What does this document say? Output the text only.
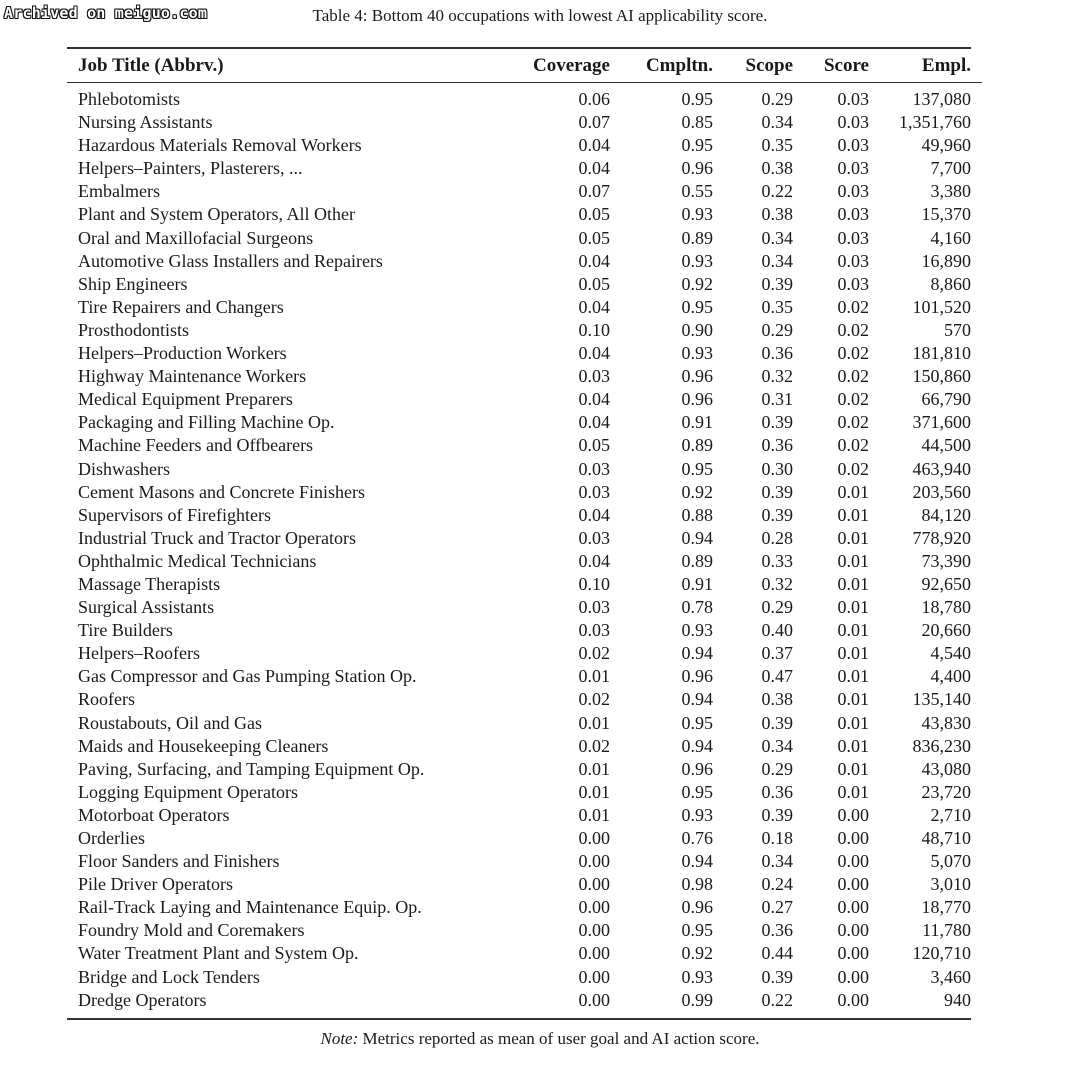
Archived on meiguo.com	Table 4: Bottom 40 occupations with lowest AI applicability score.
Job Title (Abbrv.)	Coverage	Cmpltn.	Scope	Score	Empl.
Phlebotomists	0.06	0.95	0.29	0.03	137,080
Nursing Assistants	0.07	0.85	0.34	0.03	1,351,760
Hazardous Materials Removal Workers	0.04	0.95	0.35	0.03	49,960
Helpers–Painters, Plasterers, ...	0.04	0.96	0.38	0.03	7,700
Embalmers	0.07	0.55	0.22	0.03	3,380
Plant and System Operators, All Other	0.05	0.93	0.38	0.03	15,370
Oral and Maxillofacial Surgeons	0.05	0.89	0.34	0.03	4,160
Automotive Glass Installers and Repairers	0.04	0.93	0.34	0.03	16,890
Ship Engineers	0.05	0.92	0.39	0.03	8,860
Tire Repairers and Changers	0.04	0.95	0.35	0.02	101,520
Prosthodontists	0.10	0.90	0.29	0.02	570
Helpers–Production Workers	0.04	0.93	0.36	0.02	181,810
Highway Maintenance Workers	0.03	0.96	0.32	0.02	150,860
Medical Equipment Preparers	0.04	0.96	0.31	0.02	66,790
Packaging and Filling Machine Op.	0.04	0.91	0.39	0.02	371,600
Machine Feeders and Offbearers	0.05	0.89	0.36	0.02	44,500
Dishwashers	0.03	0.95	0.30	0.02	463,940
Cement Masons and Concrete Finishers	0.03	0.92	0.39	0.01	203,560
Supervisors of Firefighters	0.04	0.88	0.39	0.01	84,120
Industrial Truck and Tractor Operators	0.03	0.94	0.28	0.01	778,920
Ophthalmic Medical Technicians	0.04	0.89	0.33	0.01	73,390
Massage Therapists	0.10	0.91	0.32	0.01	92,650
Surgical Assistants	0.03	0.78	0.29	0.01	18,780
Tire Builders	0.03	0.93	0.40	0.01	20,660
Helpers–Roofers	0.02	0.94	0.37	0.01	4,540
Gas Compressor and Gas Pumping Station Op.	0.01	0.96	0.47	0.01	4,400
Roofers	0.02	0.94	0.38	0.01	135,140
Roustabouts, Oil and Gas	0.01	0.95	0.39	0.01	43,830
Maids and Housekeeping Cleaners	0.02	0.94	0.34	0.01	836,230
Paving, Surfacing, and Tamping Equipment Op.	0.01	0.96	0.29	0.01	43,080
Logging Equipment Operators	0.01	0.95	0.36	0.01	23,720
Motorboat Operators	0.01	0.93	0.39	0.00	2,710
Orderlies	0.00	0.76	0.18	0.00	48,710
Floor Sanders and Finishers	0.00	0.94	0.34	0.00	5,070
Pile Driver Operators	0.00	0.98	0.24	0.00	3,010
Rail-Track Laying and Maintenance Equip. Op.	0.00	0.96	0.27	0.00	18,770
Foundry Mold and Coremakers	0.00	0.95	0.36	0.00	11,780
Water Treatment Plant and System Op.	0.00	0.92	0.44	0.00	120,710
Bridge and Lock Tenders	0.00	0.93	0.39	0.00	3,460
Dredge Operators	0.00	0.99	0.22	0.00	940
Note: Metrics reported as mean of user goal and AI action score.
